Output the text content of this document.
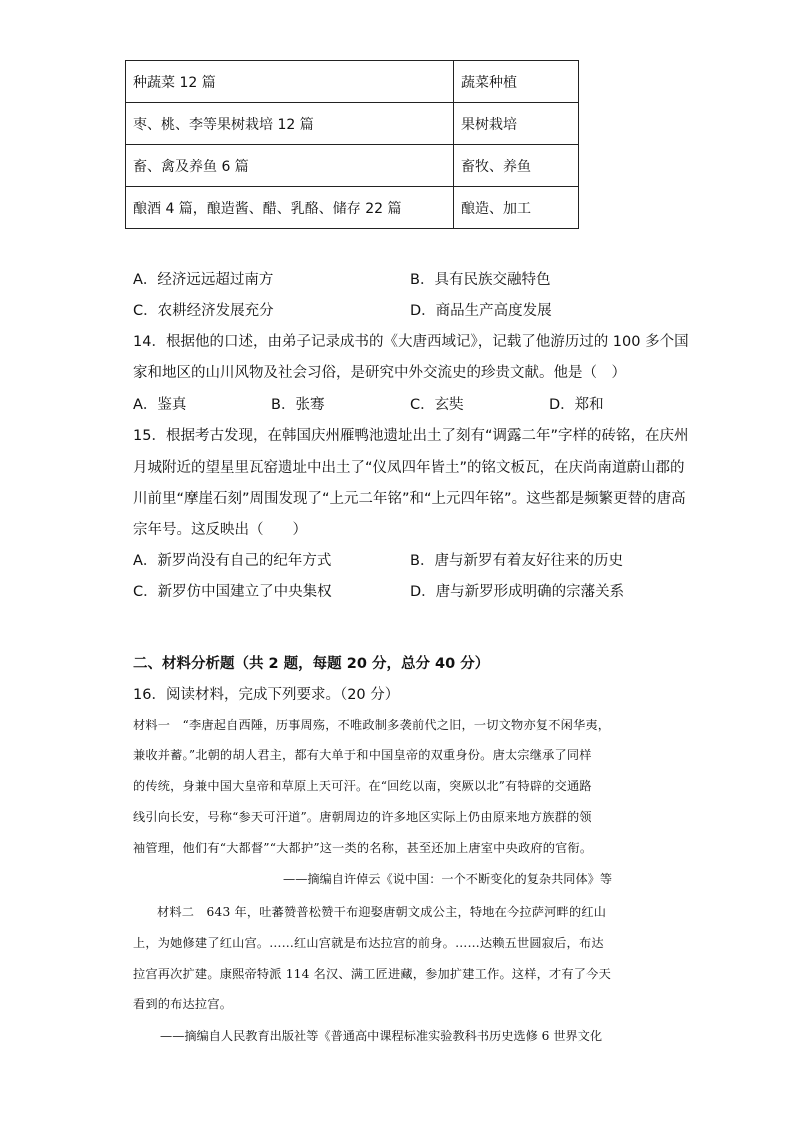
种蔬菜 12 篇	蔬菜种植
枣、桃、李等果树栽培 12 篇	果树栽培
畜、禽及养鱼 6 篇	畜牧、养鱼
酿酒 4 篇，酿造酱、醋、乳酪、储存 22 篇	酿造、加工
A．经济远远超过南方	B．具有民族交融特色
C．农耕经济发展充分	D．商品生产高度发展
14．根据他的口述，由弟子记录成书的《大唐西域记》，记载了他游历过的 100 多个国
家和地区的山川风物及社会习俗，是研究中外交流史的珍贵文献。他是（　）
A．鉴真	B．张骞	C．玄奘	D．郑和
15．根据考古发现，在韩国庆州雁鸭池遗址出土了刻有“调露二年”字样的砖铭，在庆州
月城附近的望星里瓦窑遗址中出土了“仪凤四年皆土”的铭文板瓦，在庆尚南道蔚山郡的
川前里“摩崖石刻”周围发现了“上元二年铭”和“上元四年铭”。这些都是频繁更替的唐高
宗年号。这反映出（　　）
A．新罗尚没有自己的纪年方式	B．唐与新罗有着友好往来的历史
C．新罗仿中国建立了中央集权	D．唐与新罗形成明确的宗藩关系
二、材料分析题（共 2 题，每题 20 分，总分 40 分）
16．阅读材料，完成下列要求。（20 分）
材料一　“李唐起自西陲，历事周殇，不唯政制多袭前代之旧，一切文物亦复不闲华夷，
兼收并蓄。”北朝的胡人君主，都有大单于和中国皇帝的双重身份。唐太宗继承了同样
的传统，身兼中国大皇帝和草原上天可汗。在“回纥以南，突厥以北”有特辟的交通路
线引向长安，号称“参天可汗道”。唐朝周边的许多地区实际上仍由原来地方族群的领
袖管理，他们有“大都督”“大都护”这一类的名称，甚至还加上唐室中央政府的官衔。
——摘编自许倬云《说中国：一个不断变化的复杂共同体》等
材料二　643 年，吐蕃赞普松赞干布迎娶唐朝文成公主，特地在今拉萨河畔的红山
上，为她修建了红山宫。……红山宫就是布达拉宫的前身。……达赖五世圆寂后，布达
拉宫再次扩建。康熙帝特派 114 名汉、满工匠进藏，参加扩建工作。这样，才有了今天
看到的布达拉宫。
——摘编自人民教育出版社等《普通高中课程标准实验教科书历史选修 6 世界文化
